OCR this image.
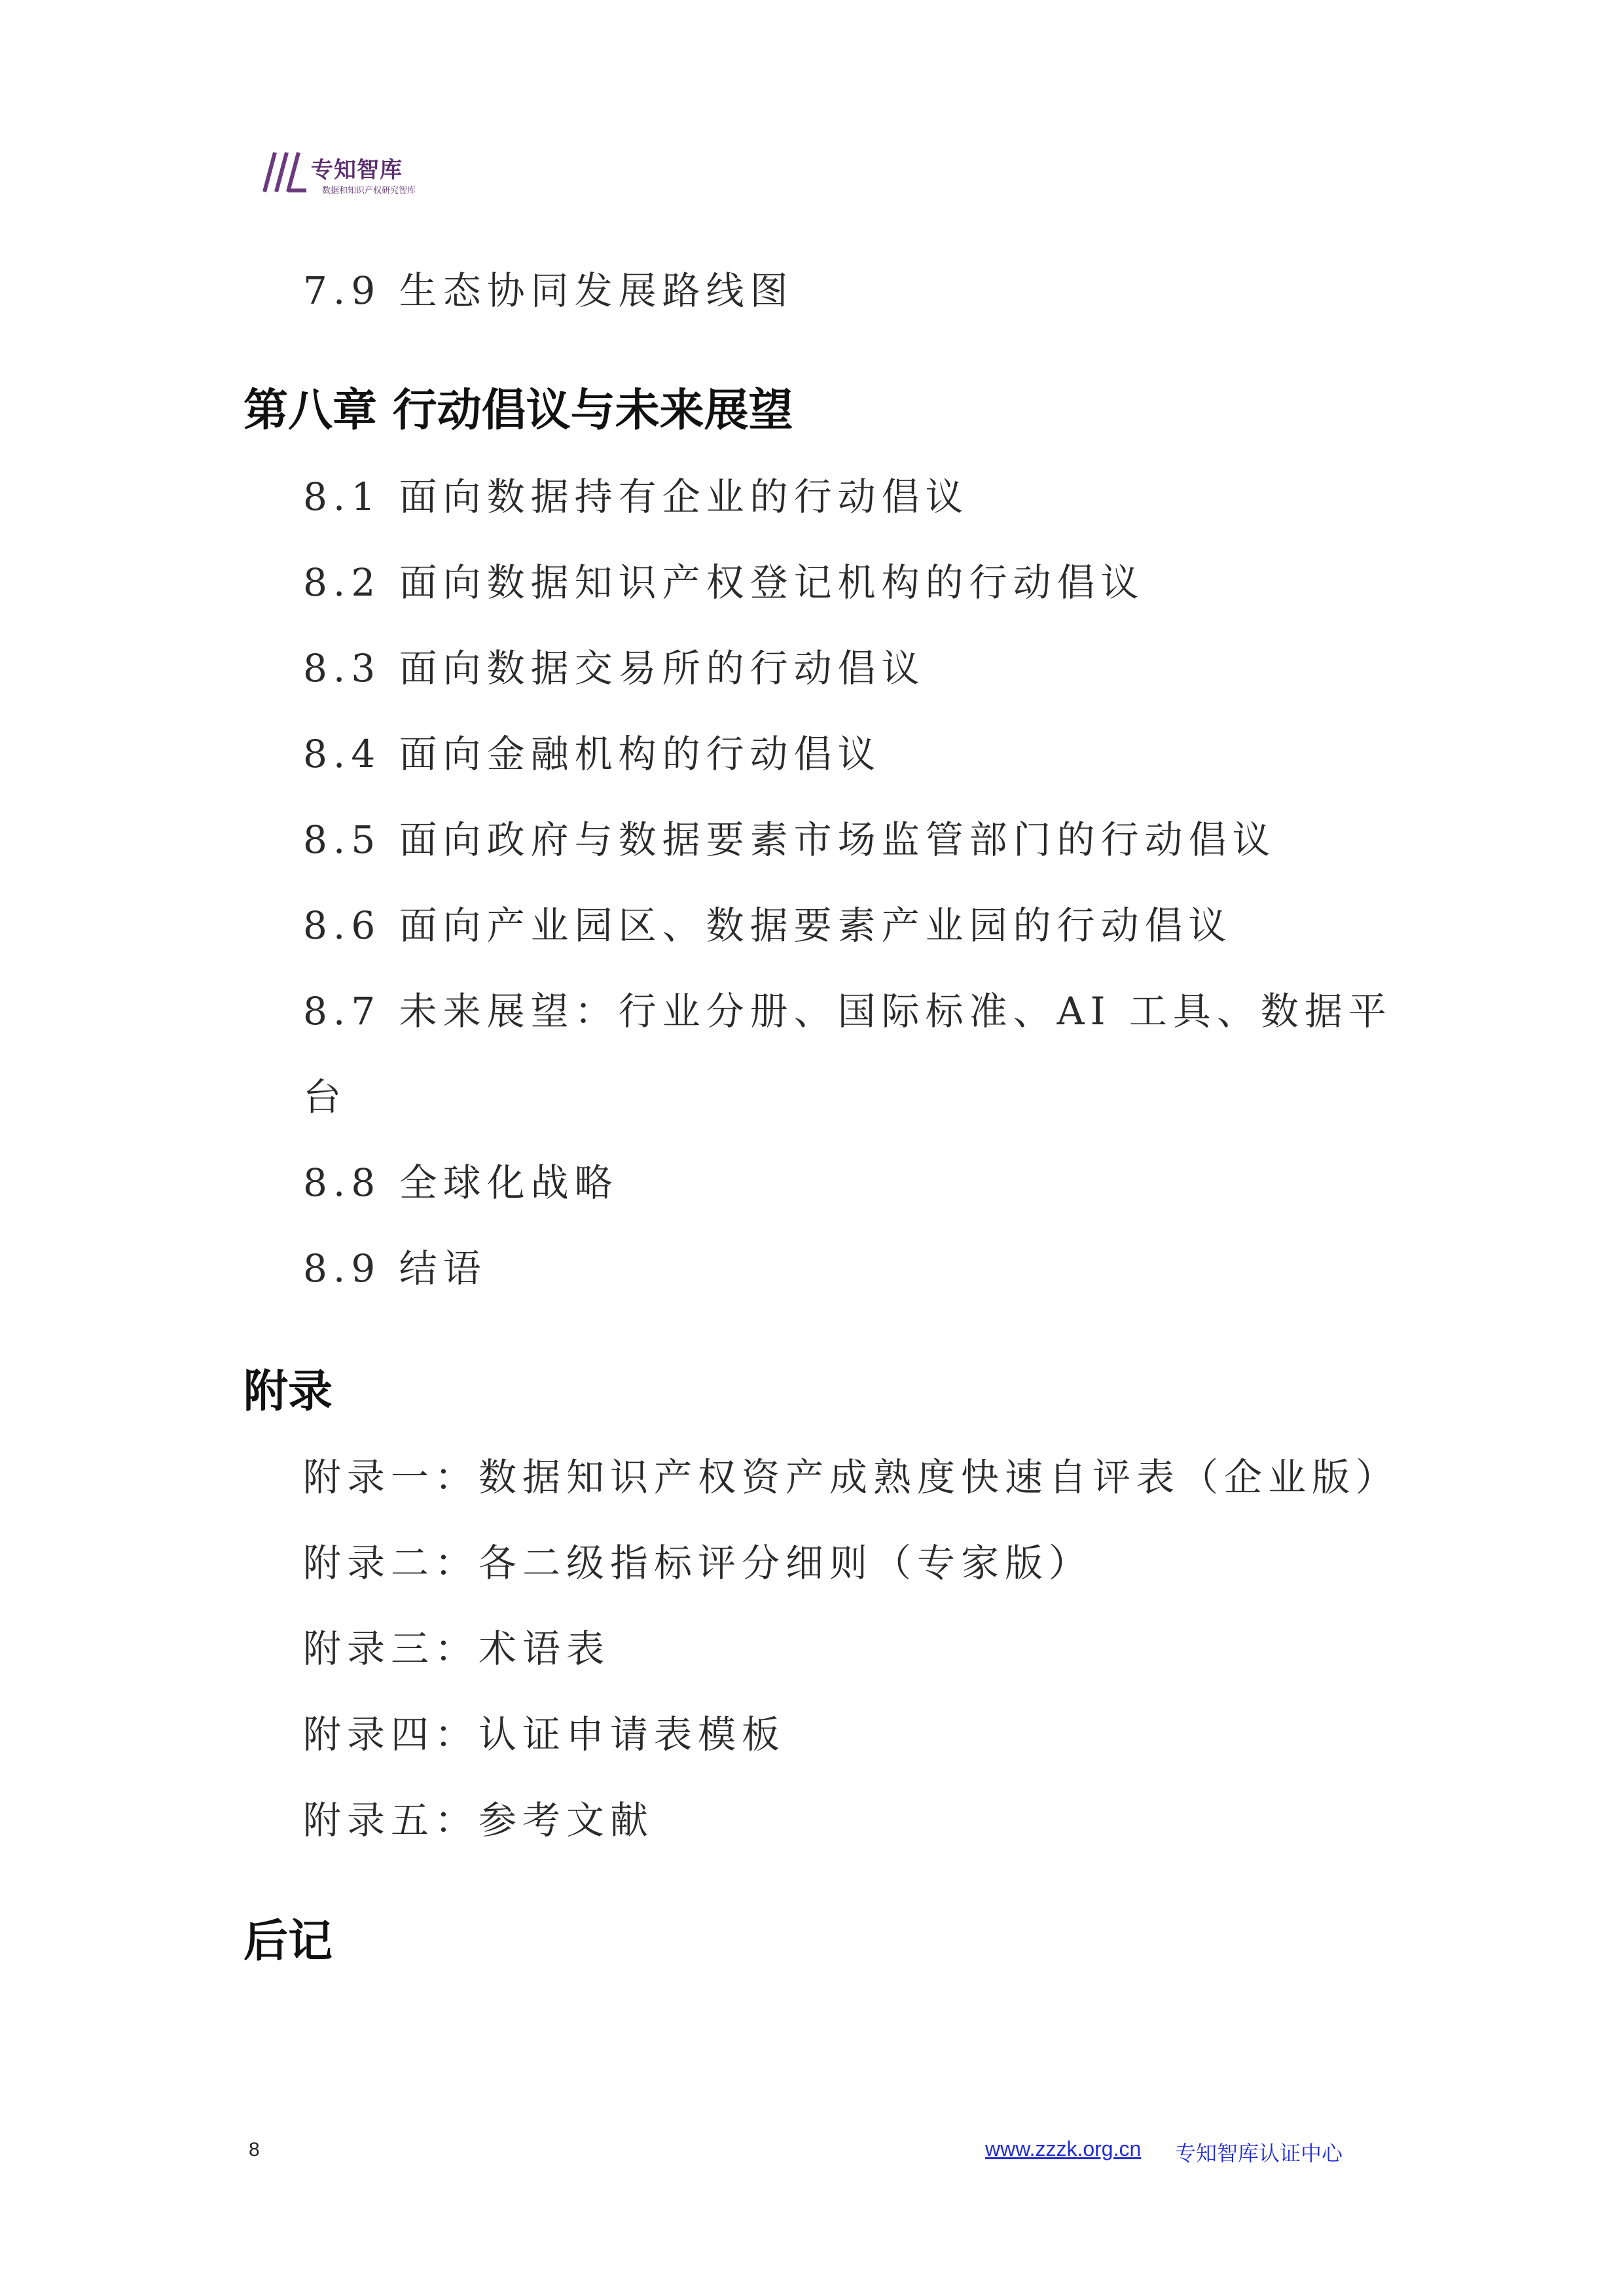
专知智库
数据和知识产权研究智库
7.9 生态协同发展路线图
第八章 行动倡议与未来展望
8.1 面向数据持有企业的行动倡议
8.2 面向数据知识产权登记机构的行动倡议
8.3 面向数据交易所的行动倡议
8.4 面向金融机构的行动倡议
8.5 面向政府与数据要素市场监管部门的行动倡议
8.6 面向产业园区、数据要素产业园的行动倡议
8.7 未来展望：行业分册、国际标准、AI 工具、数据平
台
8.8 全球化战略
8.9 结语
附录
附录一：数据知识产权资产成熟度快速自评表（企业版）
附录二：各二级指标评分细则（专家版）
附录三：术语表
附录四：认证申请表模板
附录五：参考文献
后记
8	www.zzzk.org.cn 专知智库认证中心
